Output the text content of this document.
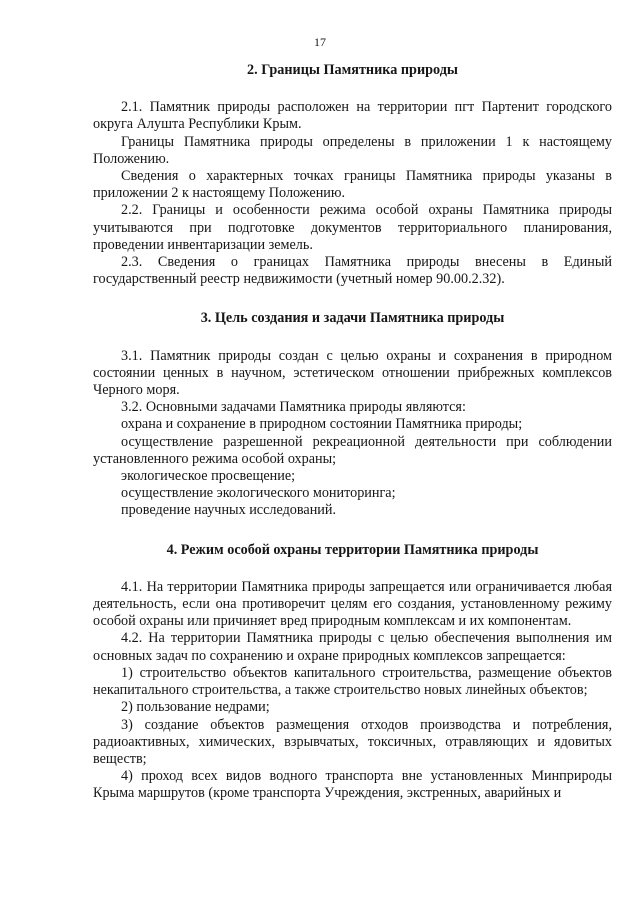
17
2. Границы Памятника природы

2.1. Памятник природы расположен на территории пгт Партенит городского округа Алушта Республики Крым.

Границы Памятника природы определены в приложении 1 к настоящему Положению.

Сведения о характерных точках границы Памятника природы указаны в приложении 2 к настоящему Положению.

2.2. Границы и особенности режима особой охраны Памятника природы учитываются при подготовке документов территориального планирования, проведении инвентаризации земель.

2.3. Сведения о границах Памятника природы внесены в Единый государственный реестр недвижимости (учетный номер 90.00.2.32).

3. Цель создания и задачи Памятника природы

3.1. Памятник природы создан с целью охраны и сохранения в природном состоянии ценных в научном, эстетическом отношении прибрежных комплексов Черного моря.

3.2. Основными задачами Памятника природы являются:

охрана и сохранение в природном состоянии Памятника природы;

осуществление разрешенной рекреационной деятельности при соблюдении установленного режима особой охраны;

экологическое просвещение;

осуществление экологического мониторинга;

проведение научных исследований.

4. Режим особой охраны территории Памятника природы

4.1. На территории Памятника природы запрещается или ограничивается любая деятельность, если она противоречит целям его создания, установленному режиму особой охраны или причиняет вред природным комплексам и их компонентам.

4.2. На территории Памятника природы с целью обеспечения выполнения им основных задач по сохранению и охране природных комплексов запрещается:

1) строительство объектов капитального строительства, размещение объектов некапитального строительства, а также строительство новых линейных объектов;

2) пользование недрами;

3) создание объектов размещения отходов производства и потребления, радиоактивных, химических, взрывчатых, токсичных, отравляющих и ядовитых веществ;

4) проход всех видов водного транспорта вне установленных Минприроды Крыма маршрутов (кроме транспорта Учреждения, экстренных, аварийных и
